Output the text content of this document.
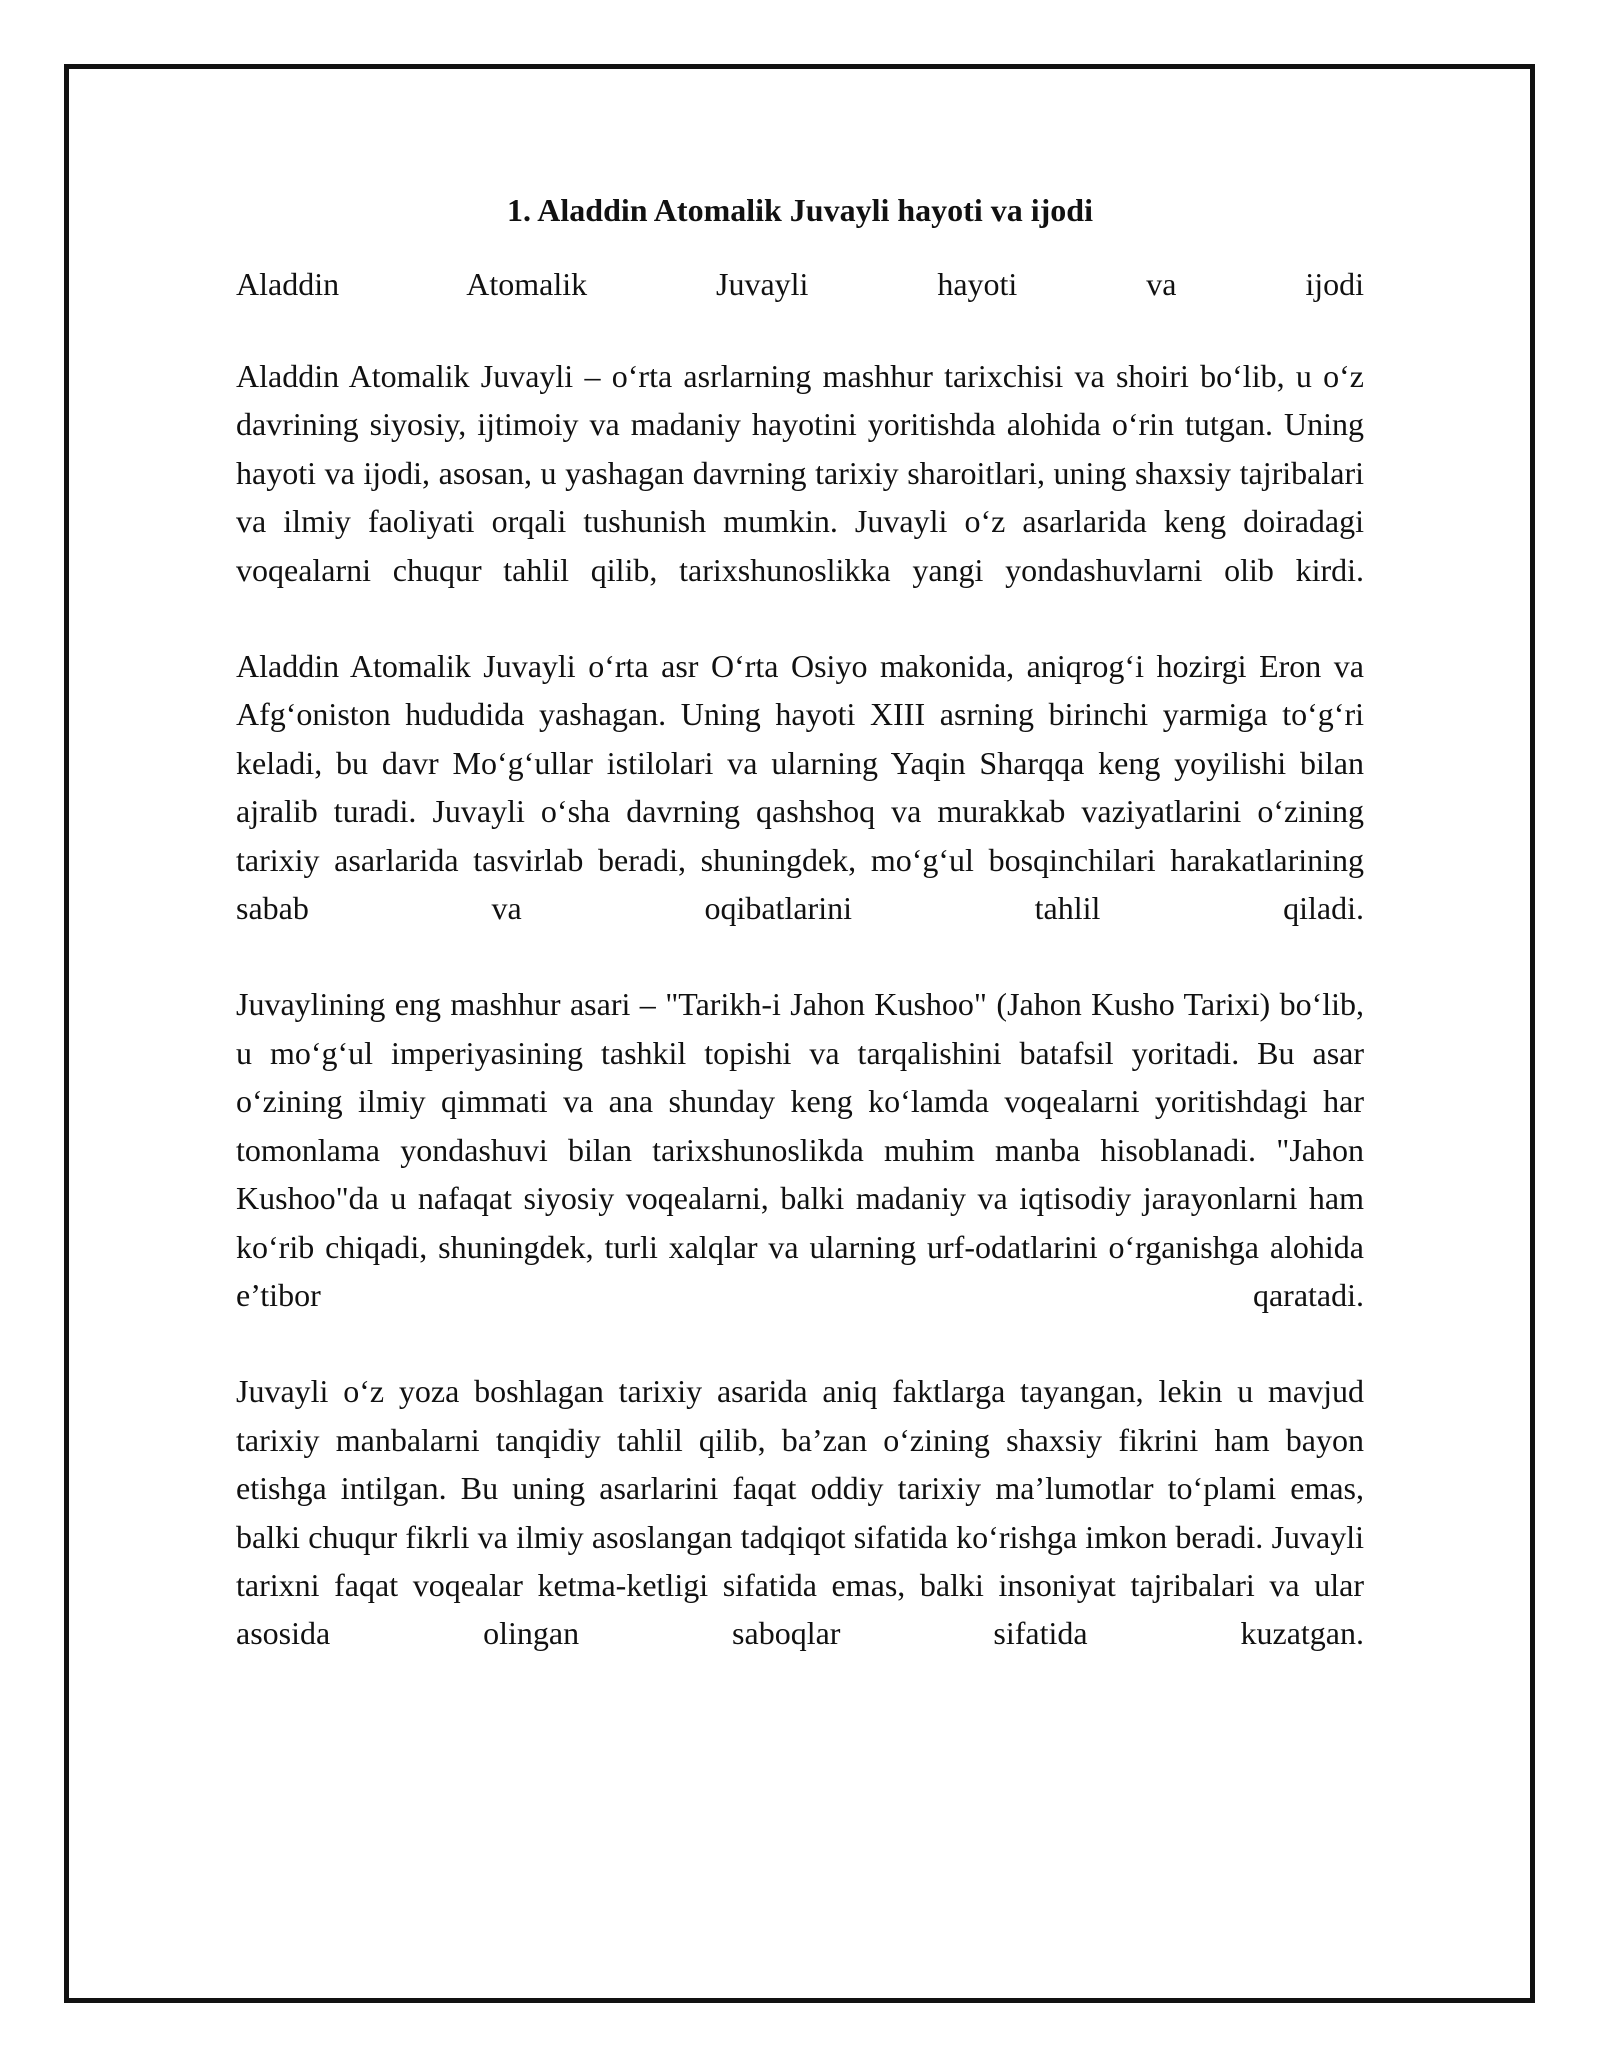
1. Aladdin Atomalik Juvayli hayoti va ijodi

Aladdin Atomalik Juvayli hayoti va ijodi

Aladdin Atomalik Juvayli – o‘rta asrlarning mashhur tarixchisi va shoiri bo‘lib, u o‘z davrining siyosiy, ijtimoiy va madaniy hayotini yoritishda alohida o‘rin tutgan. Uning hayoti va ijodi, asosan, u yashagan davrning tarixiy sharoitlari, uning shaxsiy tajribalari va ilmiy faoliyati orqali tushunish mumkin. Juvayli o‘z asarlarida keng doiradagi voqealarni chuqur tahlil qilib, tarixshunoslikka yangi yondashuvlarni olib kirdi.

Aladdin Atomalik Juvayli o‘rta asr O‘rta Osiyo makonida, aniqrog‘i hozirgi Eron va Afg‘oniston hududida yashagan. Uning hayoti XIII asrning birinchi yarmiga to‘g‘ri keladi, bu davr Mo‘g‘ullar istilolari va ularning Yaqin Sharqqa keng yoyilishi bilan ajralib turadi. Juvayli o‘sha davrning qashshoq va murakkab vaziyatlarini o‘zining tarixiy asarlarida tasvirlab beradi, shuningdek, mo‘g‘ul bosqinchilari harakatlarining sabab va oqibatlarini tahlil qiladi.

Juvaylining eng mashhur asari – "Tarikh-i Jahon Kushoo" (Jahon Kusho Tarixi) bo‘lib, u mo‘g‘ul imperiyasining tashkil topishi va tarqalishini batafsil yoritadi. Bu asar o‘zining ilmiy qimmati va ana shunday keng ko‘lamda voqealarni yoritishdagi har tomonlama yondashuvi bilan tarixshunoslikda muhim manba hisoblanadi. "Jahon Kushoo"da u nafaqat siyosiy voqealarni, balki madaniy va iqtisodiy jarayonlarni ham ko‘rib chiqadi, shuningdek, turli xalqlar va ularning urf-odatlarini o‘rganishga alohida e’tibor qaratadi.

Juvayli o‘z yoza boshlagan tarixiy asarida aniq faktlarga tayangan, lekin u mavjud tarixiy manbalarni tanqidiy tahlil qilib, ba’zan o‘zining shaxsiy fikrini ham bayon etishga intilgan. Bu uning asarlarini faqat oddiy tarixiy ma’lumotlar to‘plami emas, balki chuqur fikrli va ilmiy asoslangan tadqiqot sifatida ko‘rishga imkon beradi. Juvayli tarixni faqat voqealar ketma-ketligi sifatida emas, balki insoniyat tajribalari va ular asosida olingan saboqlar sifatida kuzatgan.
